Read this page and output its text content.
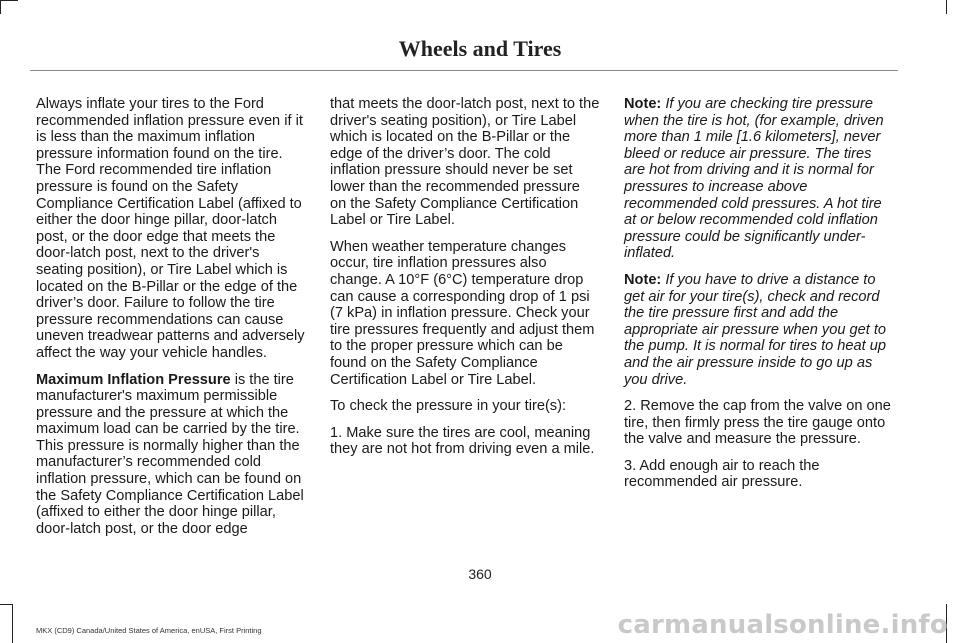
Wheels and Tires

Always inflate your tires to the Ford recommended inflation pressure even if it is less than the maximum inflation pressure information found on the tire. The Ford recommended tire inflation pressure is found on the Safety Compliance Certification Label (affixed to either the door hinge pillar, door-latch post, or the door edge that meets the door-latch post, next to the driver's seating position), or Tire Label which is located on the B-Pillar or the edge of the driver’s door. Failure to follow the tire pressure recommendations can cause uneven treadwear patterns and adversely affect the way your vehicle handles.

Maximum Inflation Pressure is the tire manufacturer's maximum permissible pressure and the pressure at which the maximum load can be carried by the tire. This pressure is normally higher than the manufacturer’s recommended cold inflation pressure, which can be found on the Safety Compliance Certification Label (affixed to either the door hinge pillar, door-latch post, or the door edge

that meets the door-latch post, next to the driver's seating position), or Tire Label which is located on the B-Pillar or the edge of the driver’s door. The cold inflation pressure should never be set lower than the recommended pressure on the Safety Compliance Certification Label or Tire Label.

When weather temperature changes occur, tire inflation pressures also change. A 10°F (6°C) temperature drop can cause a corresponding drop of 1 psi (7 kPa) in inflation pressure. Check your tire pressures frequently and adjust them to the proper pressure which can be found on the Safety Compliance Certification Label or Tire Label.

To check the pressure in your tire(s):

1. Make sure the tires are cool, meaning they are not hot from driving even a mile.

Note: If you are checking tire pressure when the tire is hot, (for example, driven more than 1 mile [1.6 kilometers], never bleed or reduce air pressure. The tires are hot from driving and it is normal for pressures to increase above recommended cold pressures. A hot tire at or below recommended cold inflation pressure could be significantly under-inflated.

Note: If you have to drive a distance to get air for your tire(s), check and record the tire pressure first and add the appropriate air pressure when you get to the pump. It is normal for tires to heat up and the air pressure inside to go up as you drive.

2. Remove the cap from the valve on one tire, then firmly press the tire gauge onto the valve and measure the pressure.

3. Add enough air to reach the recommended air pressure.

360
MKX (CD9) Canada/United States of America, enUSA, First Printing	carmanualsonline.info
